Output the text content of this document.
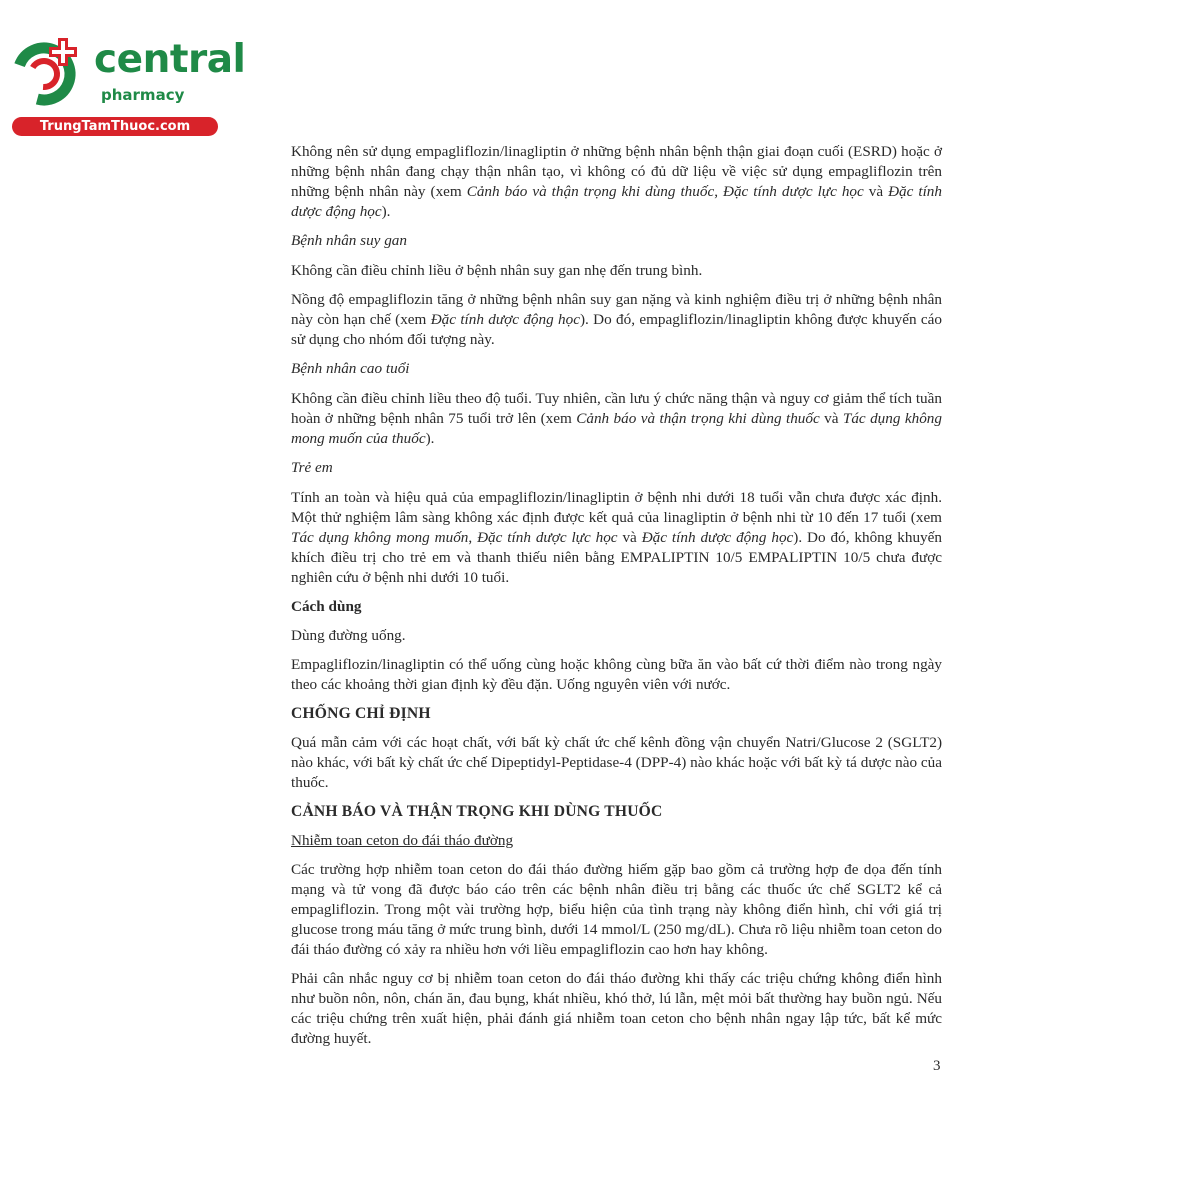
central
pharmacy
TrungTamThuoc.com

Không nên sử dụng empagliflozin/linagliptin ở những bệnh nhân bệnh thận giai đoạn cuối (ESRD) hoặc ở những bệnh nhân đang chạy thận nhân tạo, vì không có đủ dữ liệu về việc sử dụng empagliflozin trên những bệnh nhân này (xem Cảnh báo và thận trọng khi dùng thuốc, Đặc tính dược lực học và Đặc tính dược động học).

Bệnh nhân suy gan

Không cần điều chỉnh liều ở bệnh nhân suy gan nhẹ đến trung bình.

Nồng độ empagliflozin tăng ở những bệnh nhân suy gan nặng và kinh nghiệm điều trị ở những bệnh nhân này còn hạn chế (xem Đặc tính dược động học). Do đó, empagliflozin/linagliptin không được khuyến cáo sử dụng cho nhóm đối tượng này.

Bệnh nhân cao tuổi

Không cần điều chỉnh liều theo độ tuổi. Tuy nhiên, cần lưu ý chức năng thận và nguy cơ giảm thể tích tuần hoàn ở những bệnh nhân 75 tuổi trở lên (xem Cảnh báo và thận trọng khi dùng thuốc và Tác dụng không mong muốn của thuốc).

Trẻ em

Tính an toàn và hiệu quả của empagliflozin/linagliptin ở bệnh nhi dưới 18 tuổi vẫn chưa được xác định. Một thử nghiệm lâm sàng không xác định được kết quả của linagliptin ở bệnh nhi từ 10 đến 17 tuổi (xem Tác dụng không mong muốn, Đặc tính dược lực học và Đặc tính dược động học). Do đó, không khuyến khích điều trị cho trẻ em và thanh thiếu niên bằng EMPALIPTIN 10/5 EMPALIPTIN 10/5 chưa được nghiên cứu ở bệnh nhi dưới 10 tuổi.

Cách dùng

Dùng đường uống.

Empagliflozin/linagliptin có thể uống cùng hoặc không cùng bữa ăn vào bất cứ thời điểm nào trong ngày theo các khoảng thời gian định kỳ đều đặn. Uống nguyên viên với nước.

CHỐNG CHỈ ĐỊNH

Quá mẫn cảm với các hoạt chất, với bất kỳ chất ức chế kênh đồng vận chuyển Natri/Glucose 2 (SGLT2) nào khác, với bất kỳ chất ức chế Dipeptidyl-Peptidase-4 (DPP-4) nào khác hoặc với bất kỳ tá dược nào của thuốc.

CẢNH BÁO VÀ THẬN TRỌNG KHI DÙNG THUỐC

Nhiễm toan ceton do đái tháo đường

Các trường hợp nhiễm toan ceton do đái tháo đường hiếm gặp bao gồm cả trường hợp đe dọa đến tính mạng và tử vong đã được báo cáo trên các bệnh nhân điều trị bằng các thuốc ức chế SGLT2 kể cả empagliflozin. Trong một vài trường hợp, biểu hiện của tình trạng này không điển hình, chỉ với giá trị glucose trong máu tăng ở mức trung bình, dưới 14 mmol/L (250 mg/dL). Chưa rõ liệu nhiễm toan ceton do đái tháo đường có xảy ra nhiều hơn với liều empagliflozin cao hơn hay không.

Phải cân nhắc nguy cơ bị nhiễm toan ceton do đái tháo đường khi thấy các triệu chứng không điển hình như buồn nôn, nôn, chán ăn, đau bụng, khát nhiều, khó thở, lú lẫn, mệt mỏi bất thường hay buồn ngủ. Nếu các triệu chứng trên xuất hiện, phải đánh giá nhiễm toan ceton cho bệnh nhân ngay lập tức, bất kể mức đường huyết.

3
